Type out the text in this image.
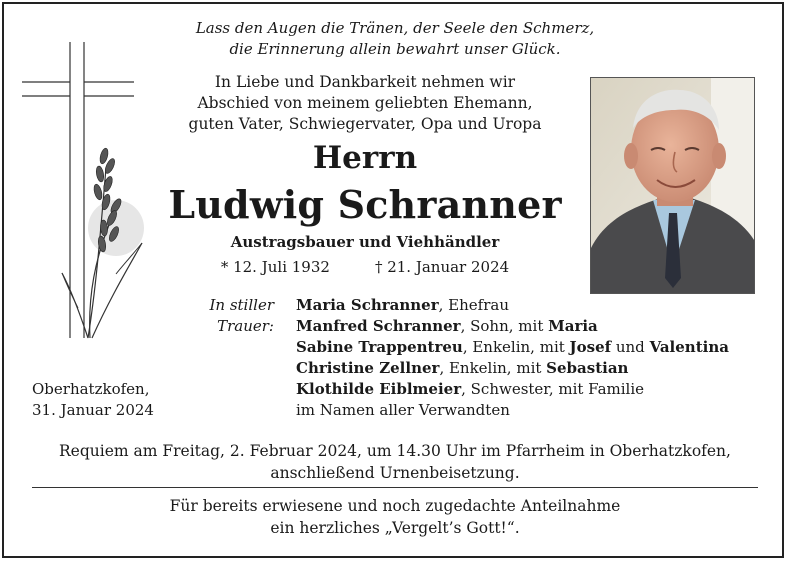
Lass den Augen die Tränen, der Seele den Schmerz,
die Erinnerung allein bewahrt unser Glück.
In Liebe und Dankbarkeit nehmen wir
Abschied von meinem geliebten Ehemann,
guten Vater, Schwiegervater, Opa und Uropa
Herrn
Ludwig Schranner
Austragsbauer und Viehhändler
* 12. Juli 1932	† 21. Januar 2024
In stiller
Trauer:
Maria Schranner, Ehefrau
Manfred Schranner, Sohn, mit Maria
Sabine Trappentreu, Enkelin, mit Josef und Valentina
Christine Zellner, Enkelin, mit Sebastian
Klothilde Eiblmeier, Schwester, mit Familie
im Namen aller Verwandten
Oberhatzkofen,
31. Januar 2024
Requiem am Freitag, 2. Februar 2024, um 14.30 Uhr im Pfarrheim in Oberhatzkofen,
anschließend Urnenbeisetzung.
Für bereits erwiesene und noch zugedachte Anteilnahme
ein herzliches „Vergelt’s Gott!“.
